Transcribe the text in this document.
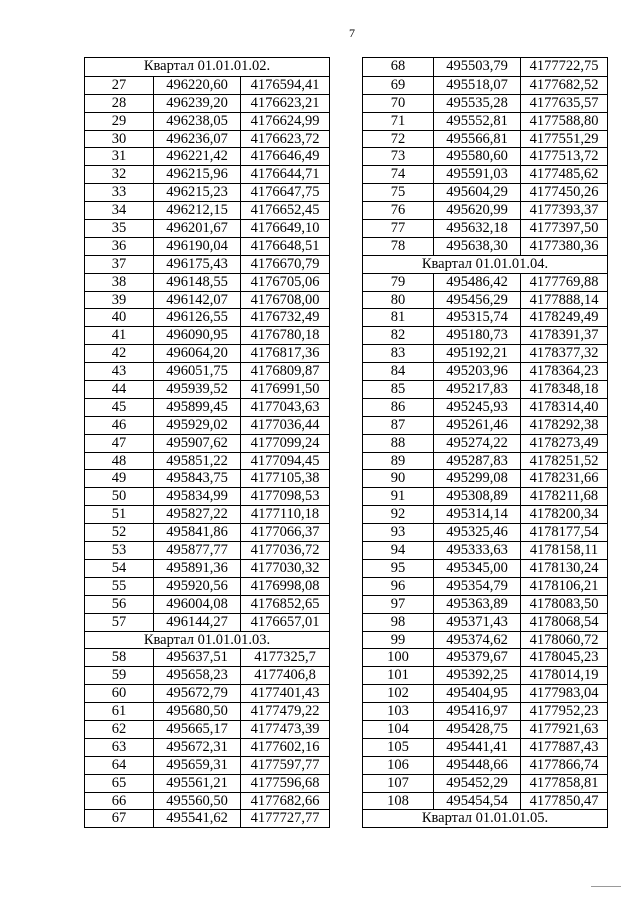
7
Квартал 01.01.01.02.
27	496220,60	4176594,41
28	496239,20	4176623,21
29	496238,05	4176624,99
30	496236,07	4176623,72
31	496221,42	4176646,49
32	496215,96	4176644,71
33	496215,23	4176647,75
34	496212,15	4176652,45
35	496201,67	4176649,10
36	496190,04	4176648,51
37	496175,43	4176670,79
38	496148,55	4176705,06
39	496142,07	4176708,00
40	496126,55	4176732,49
41	496090,95	4176780,18
42	496064,20	4176817,36
43	496051,75	4176809,87
44	495939,52	4176991,50
45	495899,45	4177043,63
46	495929,02	4177036,44
47	495907,62	4177099,24
48	495851,22	4177094,45
49	495843,75	4177105,38
50	495834,99	4177098,53
51	495827,22	4177110,18
52	495841,86	4177066,37
53	495877,77	4177036,72
54	495891,36	4177030,32
55	495920,56	4176998,08
56	496004,08	4176852,65
57	496144,27	4176657,01
Квартал 01.01.01.03.
58	495637,51	4177325,7
59	495658,23	4177406,8
60	495672,79	4177401,43
61	495680,50	4177479,22
62	495665,17	4177473,39
63	495672,31	4177602,16
64	495659,31	4177597,77
65	495561,21	4177596,68
66	495560,50	4177682,66
67	495541,62	4177727,77
68	495503,79	4177722,75
69	495518,07	4177682,52
70	495535,28	4177635,57
71	495552,81	4177588,80
72	495566,81	4177551,29
73	495580,60	4177513,72
74	495591,03	4177485,62
75	495604,29	4177450,26
76	495620,99	4177393,37
77	495632,18	4177397,50
78	495638,30	4177380,36
Квартал 01.01.01.04.
79	495486,42	4177769,88
80	495456,29	4177888,14
81	495315,74	4178249,49
82	495180,73	4178391,37
83	495192,21	4178377,32
84	495203,96	4178364,23
85	495217,83	4178348,18
86	495245,93	4178314,40
87	495261,46	4178292,38
88	495274,22	4178273,49
89	495287,83	4178251,52
90	495299,08	4178231,66
91	495308,89	4178211,68
92	495314,14	4178200,34
93	495325,46	4178177,54
94	495333,63	4178158,11
95	495345,00	4178130,24
96	495354,79	4178106,21
97	495363,89	4178083,50
98	495371,43	4178068,54
99	495374,62	4178060,72
100	495379,67	4178045,23
101	495392,25	4178014,19
102	495404,95	4177983,04
103	495416,97	4177952,23
104	495428,75	4177921,63
105	495441,41	4177887,43
106	495448,66	4177866,74
107	495452,29	4177858,81
108	495454,54	4177850,47
Квартал 01.01.01.05.
